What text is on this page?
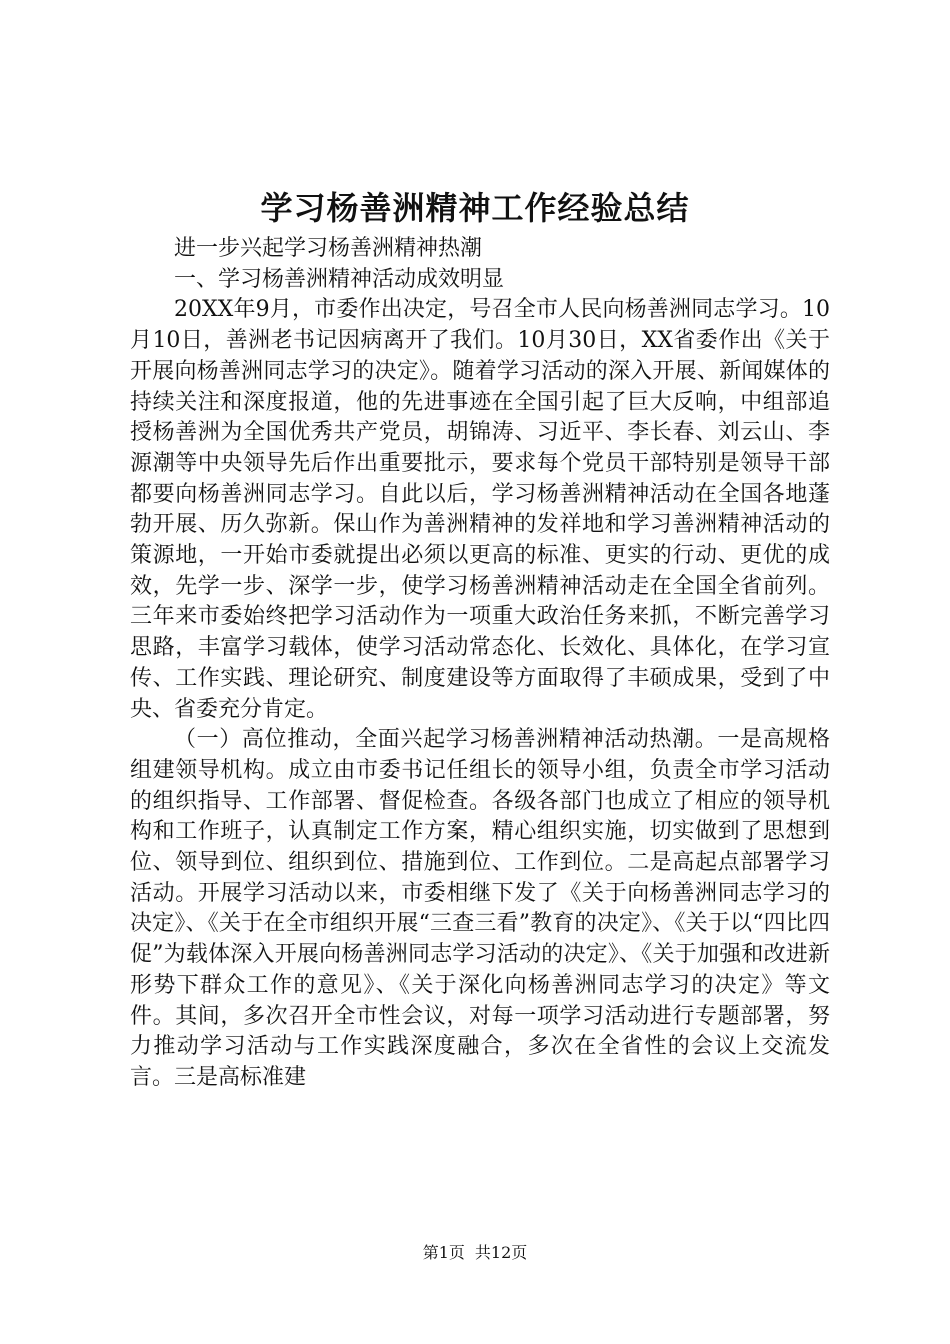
学习杨善洲精神工作经验总结

进一步兴起学习杨善洲精神热潮

一、学习杨善洲精神活动成效明显

20XX年9月，市委作出决定，号召全市人民向杨善洲同志学习。10月10日，善洲老书记因病离开了我们。10月30日，XX省委作出《关于开展向杨善洲同志学习的决定》。随着学习活动的深入开展、新闻媒体的持续关注和深度报道，他的先进事迹在全国引起了巨大反响，中组部追授杨善洲为全国优秀共产党员，胡锦涛、习近平、李长春、刘云山、李源潮等中央领导先后作出重要批示，要求每个党员干部特别是领导干部都要向杨善洲同志学习。自此以后，学习杨善洲精神活动在全国各地蓬勃开展、历久弥新。保山作为善洲精神的发祥地和学习善洲精神活动的策源地，一开始市委就提出必须以更高的标准、更实的行动、更优的成效，先学一步、深学一步，使学习杨善洲精神活动走在全国全省前列。三年来市委始终把学习活动作为一项重大政治任务来抓，不断完善学习思路，丰富学习载体，使学习活动常态化、长效化、具体化，在学习宣传、工作实践、理论研究、制度建设等方面取得了丰硕成果，受到了中央、省委充分肯定。

（一）高位推动，全面兴起学习杨善洲精神活动热潮。一是高规格组建领导机构。成立由市委书记任组长的领导小组，负责全市学习活动的组织指导、工作部署、督促检查。各级各部门也成立了相应的领导机构和工作班子，认真制定工作方案，精心组织实施，切实做到了思想到位、领导到位、组织到位、措施到位、工作到位。二是高起点部署学习活动。开展学习活动以来，市委相继下发了《关于向杨善洲同志学习的决定》、《关于在全市组织开展“三查三看”教育的决定》、《关于以“四比四促”为载体深入开展向杨善洲同志学习活动的决定》、《关于加强和改进新形势下群众工作的意见》、《关于深化向杨善洲同志学习的决定》等文件。其间，多次召开全市性会议，对每一项学习活动进行专题部署，努力推动学习活动与工作实践深度融合，多次在全省性的会议上交流发言。三是高标准建

第1页 共12页
